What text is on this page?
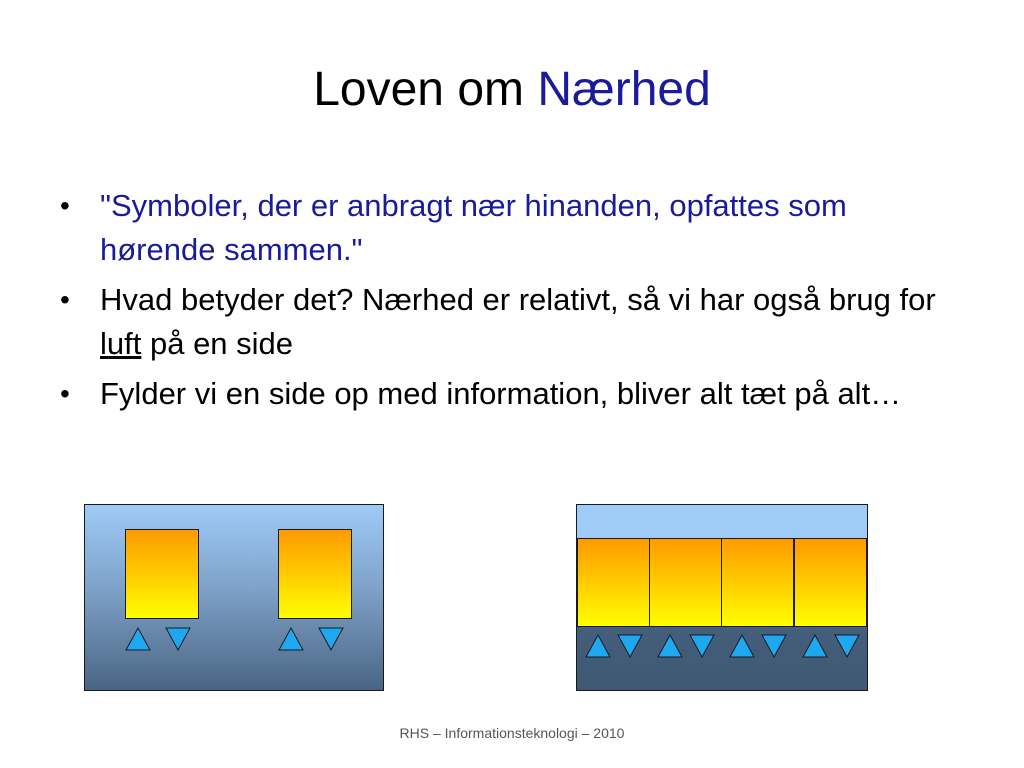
Loven om Nærhed
• "Symboler, der er anbragt nær hinanden, opfattes som hørende sammen."
• Hvad betyder det? Nærhed er relativt, så vi har også brug for luft på en side
• Fylder vi en side op med information, bliver alt tæt på alt…
RHS – Informationsteknologi – 2010
